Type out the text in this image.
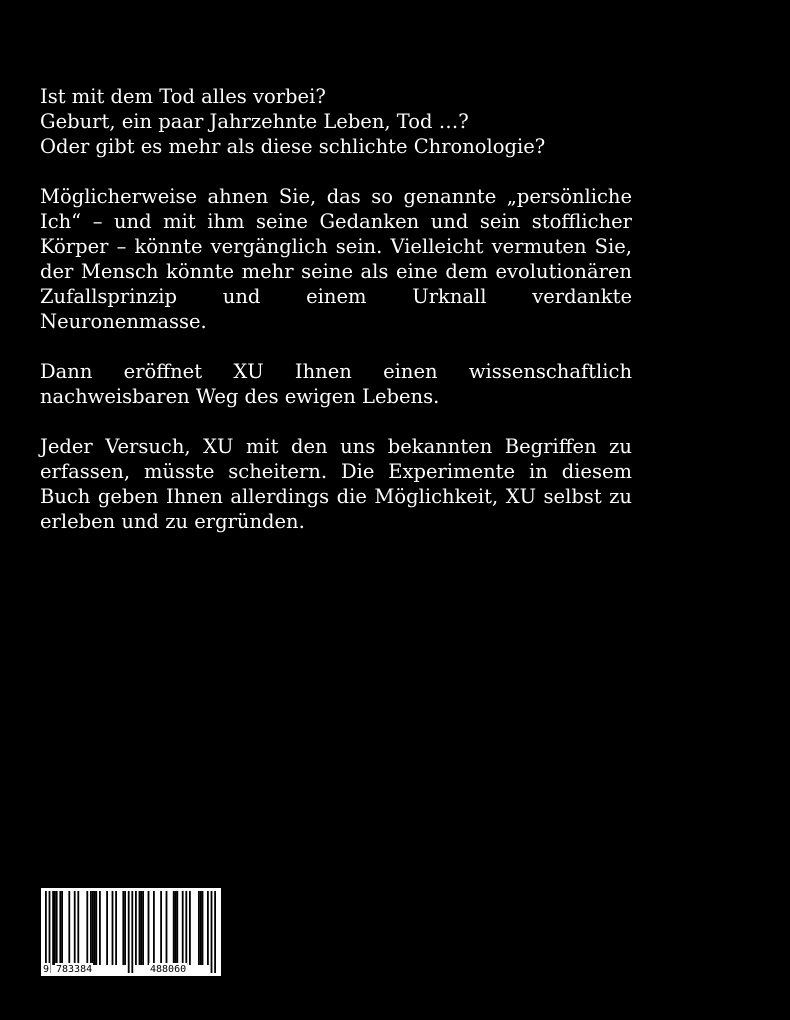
Ist mit dem Tod alles vorbei?
Geburt, ein paar Jahrzehnte Leben, Tod …?
Oder gibt es mehr als diese schlichte Chronologie?

Möglicherweise ahnen Sie, das so genannte „persönliche Ich“ – und mit ihm seine Gedanken und sein stofflicher Körper – könnte vergänglich sein. Vielleicht vermuten Sie, der Mensch könnte mehr seine als eine dem evolutionären Zufallsprinzip und einem Urknall verdankte Neuronenmasse.

Dann eröffnet XU Ihnen einen wissenschaftlich nachweisbaren Weg des ewigen Lebens.

Jeder Versuch, XU mit den uns bekannten Begriffen zu erfassen, müsste scheitern. Die Experimente in diesem Buch geben Ihnen allerdings die Möglichkeit, XU selbst zu erleben und zu ergründen.

9 783384	488060
